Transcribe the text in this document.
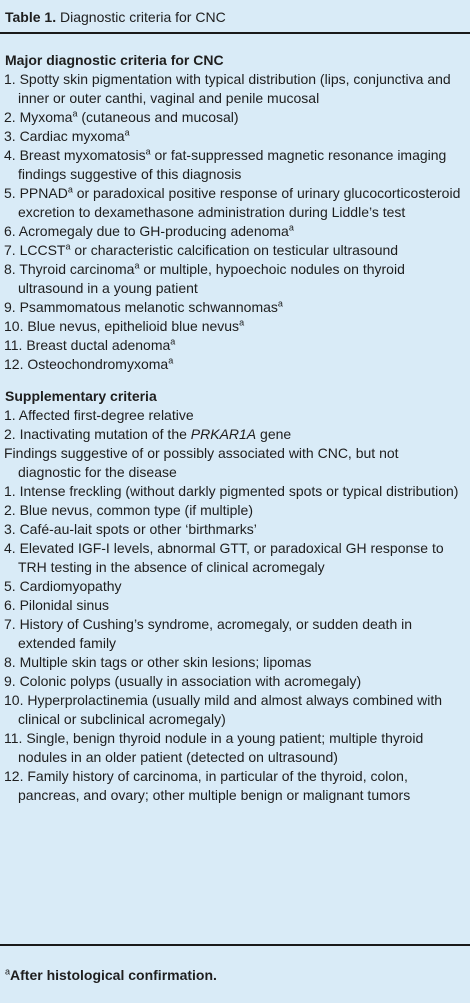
Table 1. Diagnostic criteria for CNC
Major diagnostic criteria for CNC
1. Spotty skin pigmentation with typical distribution (lips, conjunctiva and inner or outer canthi, vaginal and penile mucosal
2. Myxoma$^a$ (cutaneous and mucosal)
3. Cardiac myxoma$^a$
4. Breast myxomatosis$^a$ or fat-suppressed magnetic resonance imaging findings suggestive of this diagnosis
5. PPNAD$^a$ or paradoxical positive response of urinary glucocorticosteroid excretion to dexamethasone administration during Liddle’s test
6. Acromegaly due to GH-producing adenoma$^a$
7. LCCST$^a$ or characteristic calcification on testicular ultrasound
8. Thyroid carcinoma$^a$ or multiple, hypoechoic nodules on thyroid ultrasound in a young patient
9. Psammomatous melanotic schwannomas$^a$
10. Blue nevus, epithelioid blue nevus$^a$
11. Breast ductal adenoma$^a$
12. Osteochondromyxoma$^a$
Supplementary criteria
1. Affected first-degree relative
2. Inactivating mutation of the PRKAR1A gene
Findings suggestive of or possibly associated with CNC, but not diagnostic for the disease
1. Intense freckling (without darkly pigmented spots or typical distribution)
2. Blue nevus, common type (if multiple)
3. Café-au-lait spots or other ‘birthmarks’
4. Elevated IGF-I levels, abnormal GTT, or paradoxical GH response to TRH testing in the absence of clinical acromegaly
5. Cardiomyopathy
6. Pilonidal sinus
7. History of Cushing’s syndrome, acromegaly, or sudden death in extended family
8. Multiple skin tags or other skin lesions; lipomas
9. Colonic polyps (usually in association with acromegaly)
10. Hyperprolactinemia (usually mild and almost always combined with clinical or subclinical acromegaly)
11. Single, benign thyroid nodule in a young patient; multiple thyroid nodules in an older patient (detected on ultrasound)
12. Family history of carcinoma, in particular of the thyroid, colon, pancreas, and ovary; other multiple benign or malignant tumors
$^a$After histological confirmation.
